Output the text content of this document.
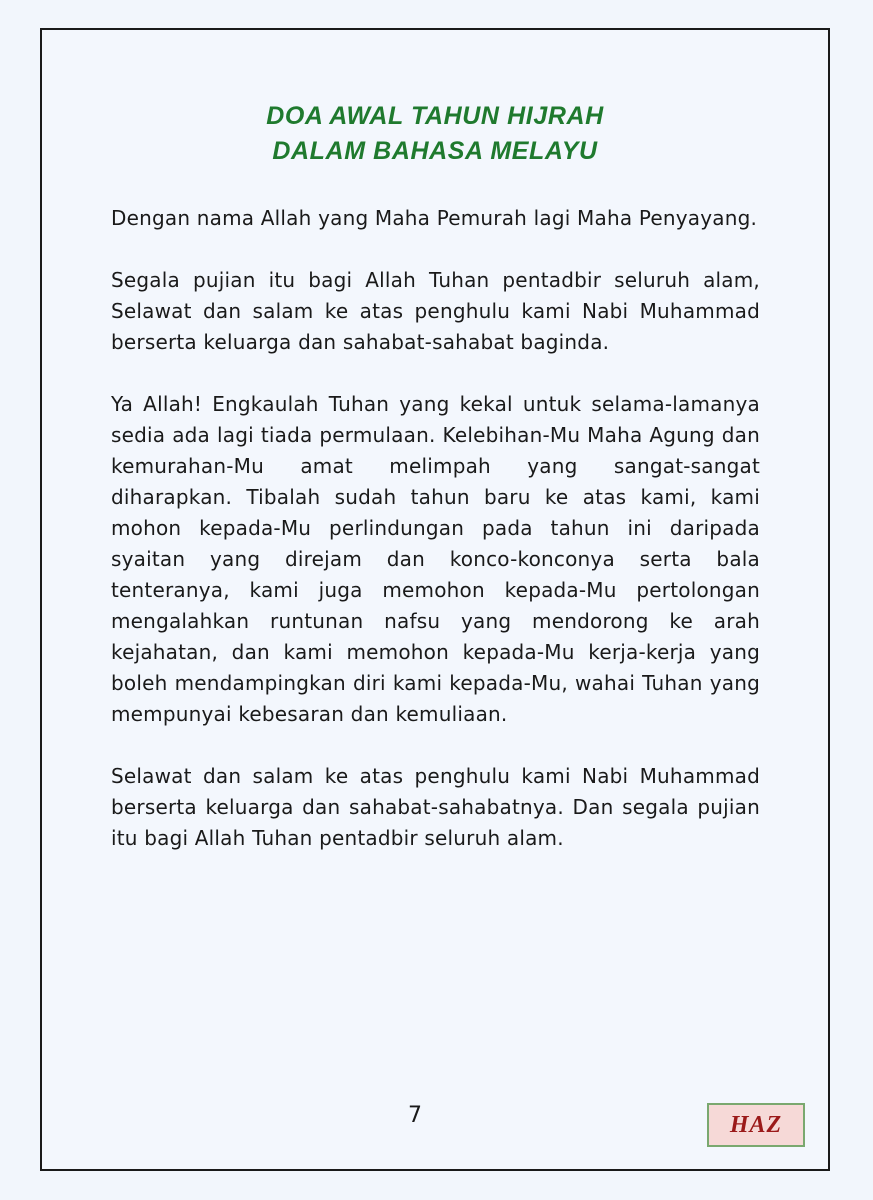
DOA AWAL TAHUN HIJRAH
DALAM BAHASA MELAYU

Dengan nama Allah yang Maha Pemurah lagi Maha Penyayang.

Segala pujian itu bagi Allah Tuhan pentadbir seluruh alam, Selawat dan salam ke atas penghulu kami Nabi Muhammad berserta keluarga dan sahabat-sahabat baginda.

Ya Allah! Engkaulah Tuhan yang kekal untuk selama-lamanya sedia ada lagi tiada permulaan. Kelebihan-Mu Maha Agung dan kemurahan-Mu amat melimpah yang sangat-sangat diharapkan. Tibalah sudah tahun baru ke atas kami, kami mohon kepada-Mu perlindungan pada tahun ini daripada syaitan yang direjam dan konco-konconya serta bala tenteranya, kami juga memohon kepada-Mu pertolongan mengalahkan runtunan nafsu yang mendorong ke arah kejahatan, dan kami memohon kepada-Mu kerja-kerja yang boleh mendampingkan diri kami kepada-Mu, wahai Tuhan yang mempunyai kebesaran dan kemuliaan.

Selawat dan salam ke atas penghulu kami Nabi Muhammad berserta keluarga dan sahabat-sahabatnya. Dan segala pujian itu bagi Allah Tuhan pentadbir seluruh alam.

7	HAZ
